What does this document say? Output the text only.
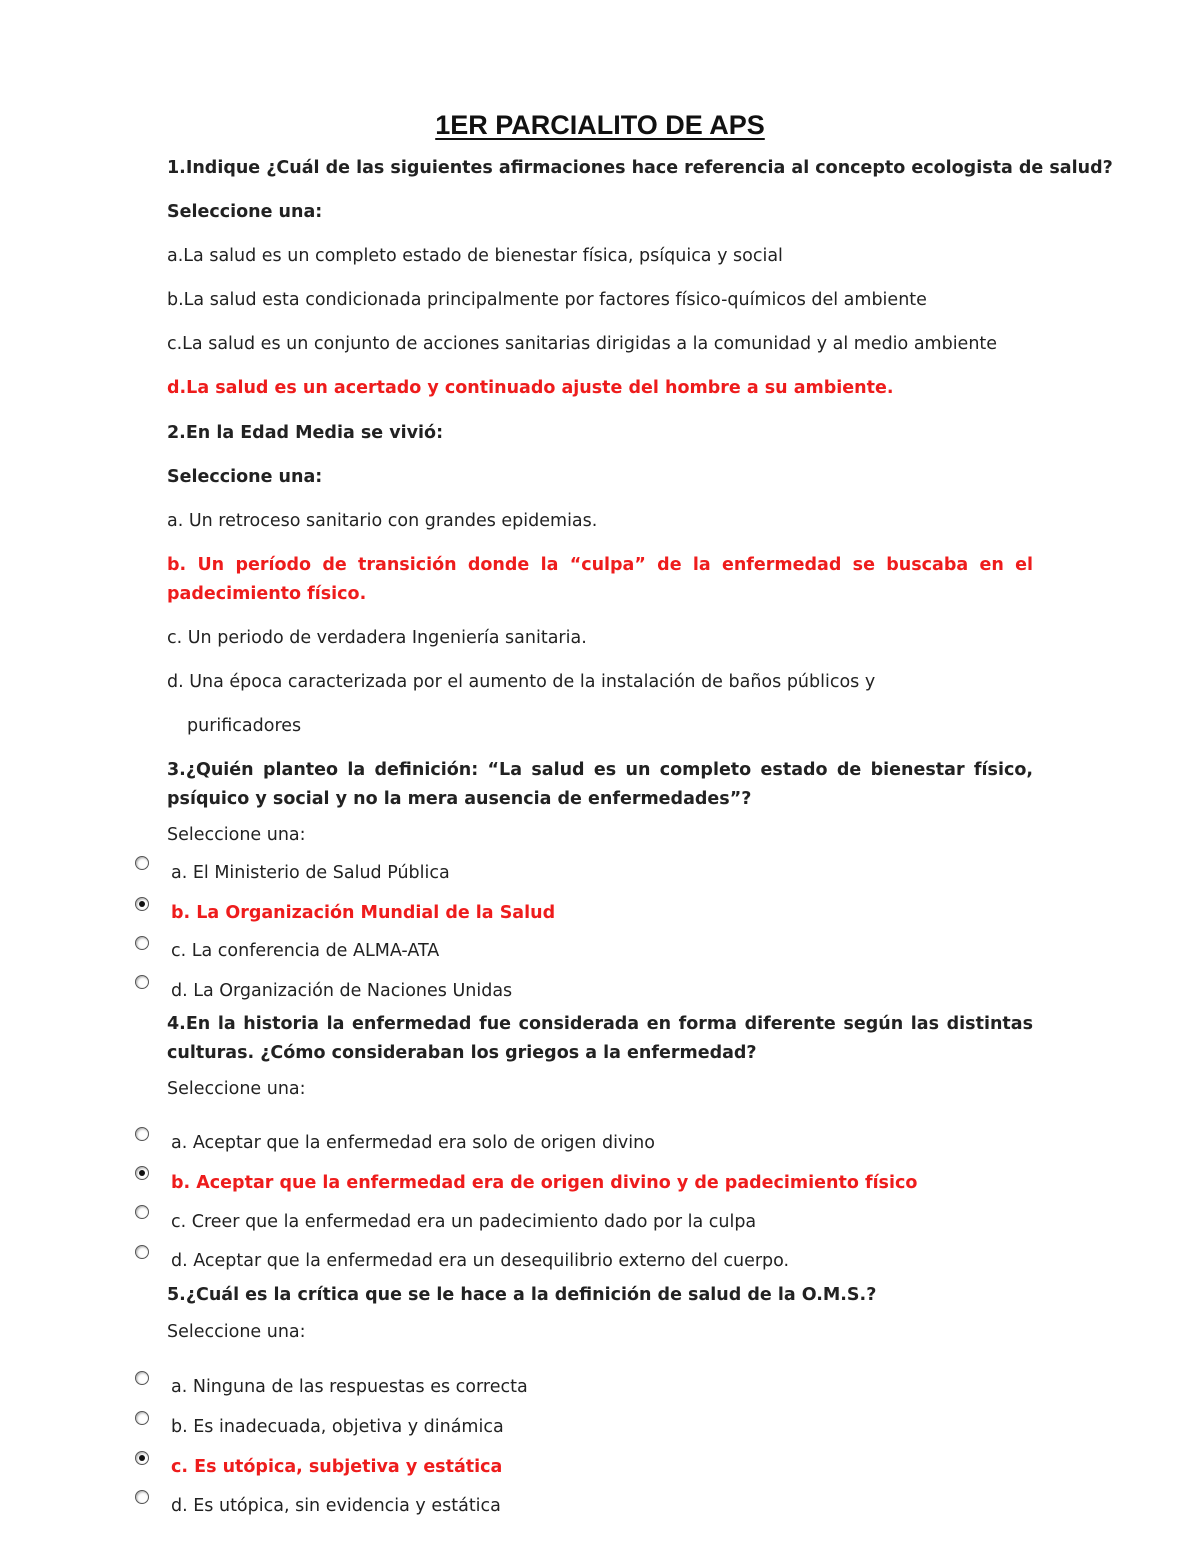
1ER PARCIALITO DE APS
1.Indique ¿Cuál de las siguientes afirmaciones hace referencia al concepto ecologista de salud?
Seleccione una:
a.La salud es un completo estado de bienestar física, psíquica y social
b.La salud esta condicionada principalmente por factores físico-químicos del ambiente
c.La salud es un conjunto de acciones sanitarias dirigidas a la comunidad y al medio ambiente
d.La salud es un acertado y continuado ajuste del hombre a su ambiente.
2.En la Edad Media se vivió:
Seleccione una:
a. Un retroceso sanitario con grandes epidemias.
b. Un período de transición donde la “culpa” de la enfermedad se buscaba en el padecimiento físico.
c. Un periodo de verdadera Ingeniería sanitaria.
d. Una época caracterizada por el aumento de la instalación de baños públicos y
purificadores
3.¿Quién planteo la definición: “La salud es un completo estado de bienestar físico, psíquico y social y no la mera ausencia de enfermedades”?
Seleccione una:
a. El Ministerio de Salud Pública
b. La Organización Mundial de la Salud
c. La conferencia de ALMA-ATA
d. La Organización de Naciones Unidas
4.En la historia la enfermedad fue considerada en forma diferente según las distintas culturas. ¿Cómo consideraban los griegos a la enfermedad?
Seleccione una:
a. Aceptar que la enfermedad era solo de origen divino
b. Aceptar que la enfermedad era de origen divino y de padecimiento físico
c. Creer que la enfermedad era un padecimiento dado por la culpa
d. Aceptar que la enfermedad era un desequilibrio externo del cuerpo.
5.¿Cuál es la crítica que se le hace a la definición de salud de la O.M.S.?
Seleccione una:
a. Ninguna de las respuestas es correcta
b. Es inadecuada, objetiva y dinámica
c. Es utópica, subjetiva y estática
d. Es utópica, sin evidencia y estática
